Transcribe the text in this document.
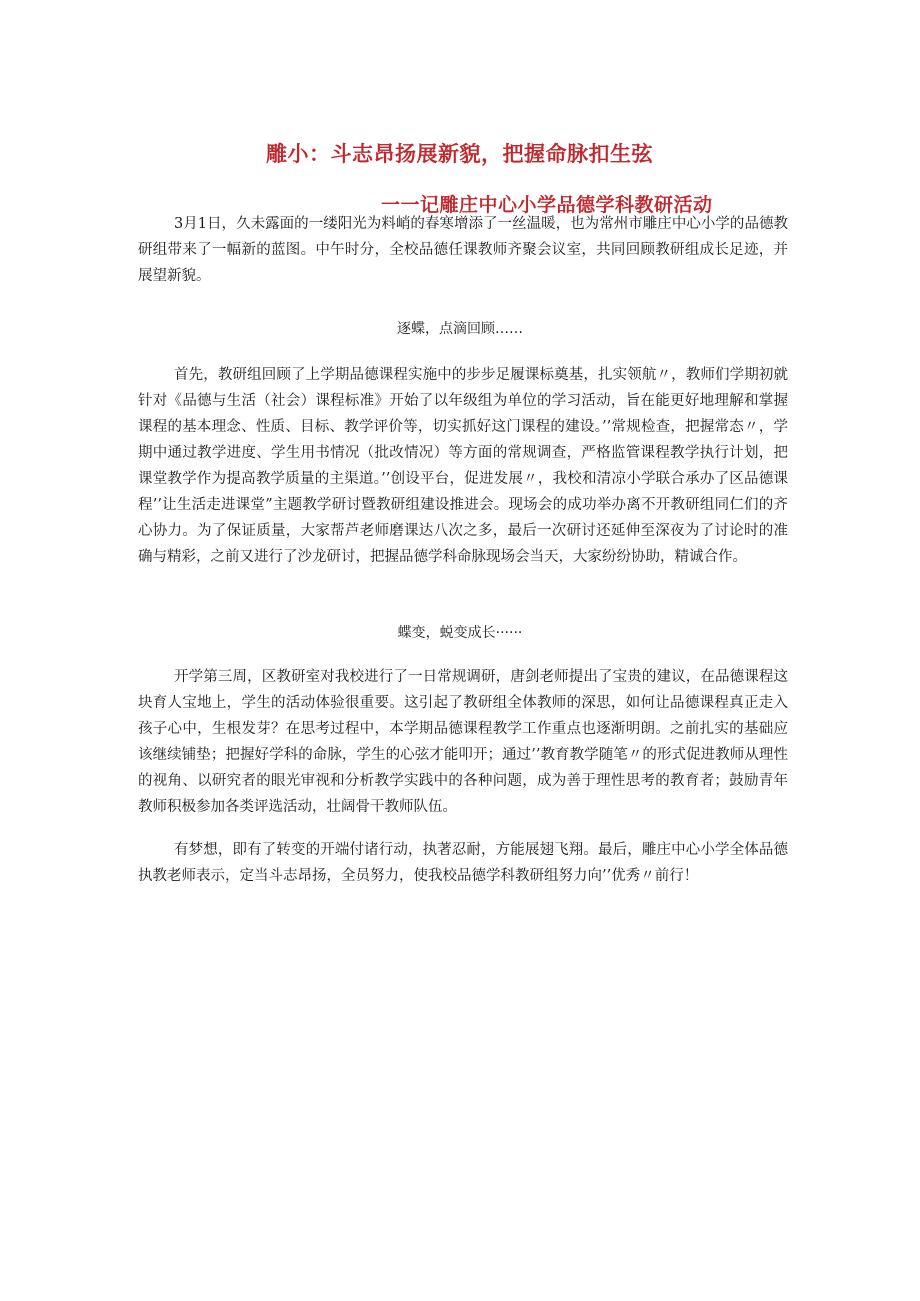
雕小：斗志昂扬展新貌，把握命脉扣生弦
一一记雕庄中心小学品德学科教研活动

3月1日，久未露面的一缕阳光为料峭的春寒增添了一丝温暖，也为常州市雕庄中心小学的品德教研组带来了一幅新的蓝图。中午时分，全校品德任课教师齐聚会议室，共同回顾教研组成长足迹，并展望新貌。

逐蝶，点滴回顾……

首先，教研组回顾了上学期品德课程实施中的步步足履课标奠基，扎实领航〃，教师们学期初就针对《品德与生活（社会）课程标准》开始了以年级组为单位的学习活动，旨在能更好地理解和掌握课程的基本理念、性质、目标、教学评价等，切实抓好这门课程的建设。’’常规检查，把握常态〃，学期中通过教学进度、学生用书情况（批改情况）等方面的常规调查，严格监管课程教学执行计划，把课堂教学作为提高教学质量的主渠道。’’创设平台，促进发展〃，我校和清凉小学联合承办了区品德课程’’让生活走进课堂”主题教学研讨暨教研组建设推进会。现场会的成功举办离不开教研组同仁们的齐心协力。为了保证质量，大家帮芦老师磨课达八次之多，最后一次研讨还延伸至深夜为了讨论时的准确与精彩，之前又进行了沙龙研讨，把握品德学科命脉现场会当天，大家纷纷协助，精诚合作。

蝶变，蜕变成长······

开学第三周，区教研室对我校进行了一日常规调研，唐剑老师提出了宝贵的建议，在品德课程这块育人宝地上，学生的活动体验很重要。这引起了教研组全体教师的深思，如何让品德课程真正走入孩子心中，生根发芽？在思考过程中，本学期品德课程教学工作重点也逐渐明朗。之前扎实的基础应该继续铺垫；把握好学科的命脉，学生的心弦才能叩开；通过’’教育教学随笔〃的形式促进教师从理性的视角、以研究者的眼光审视和分析教学实践中的各种问题，成为善于理性思考的教育者；鼓励青年教师积极参加各类评选活动，壮阔骨干教师队伍。

有梦想，即有了转变的开端付诸行动，执著忍耐，方能展翅飞翔。最后，雕庄中心小学全体品德执教老师表示，定当斗志昂扬，全员努力，使我校品德学科教研组努力向’’优秀〃前行！
